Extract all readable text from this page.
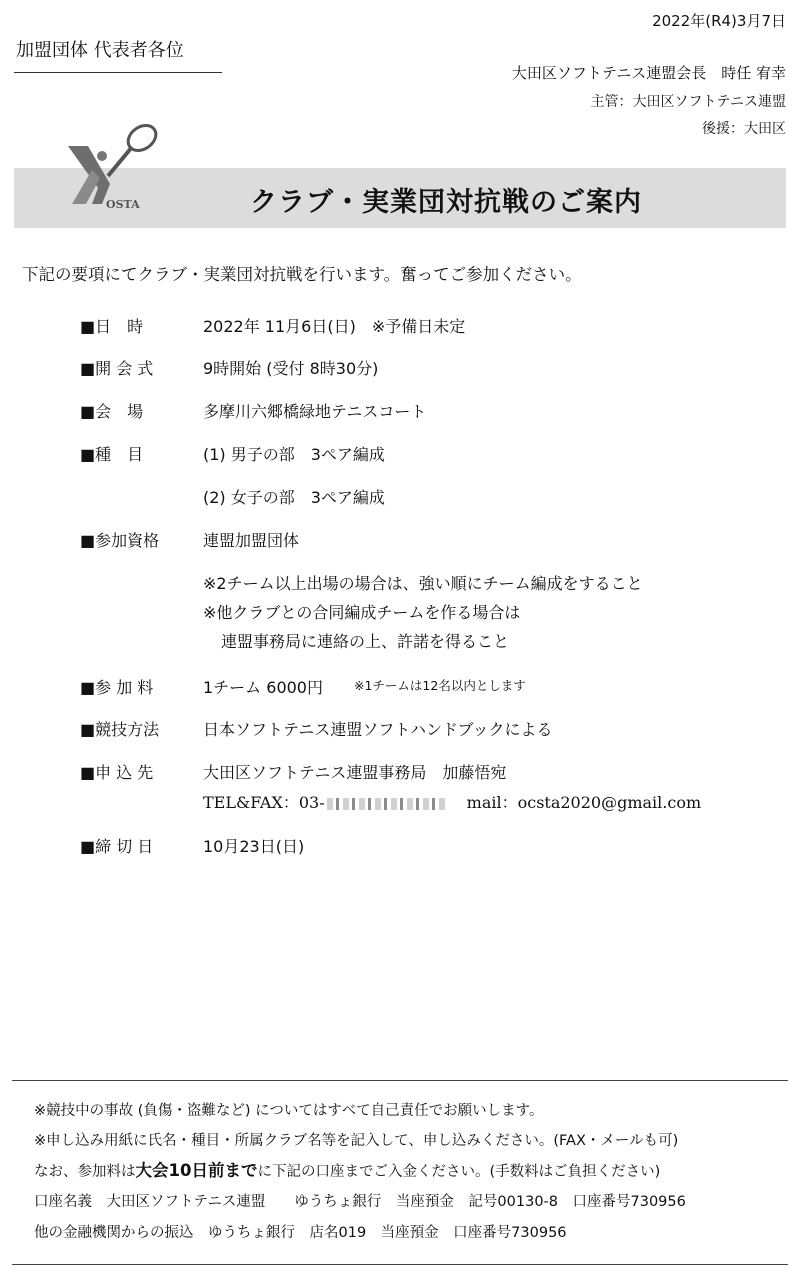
2022年(R4)3月7日
加盟団体 代表者各位
大田区ソフトテニス連盟会長　時任 宥幸
主管：大田区ソフトテニス連盟
後援：大田区
OSTA	クラブ・実業団対抗戦のご案内
下記の要項にてクラブ・実業団対抗戦を行います。奮ってご参加ください。
■日　時	2022年 11月6日(日)　※予備日未定
■開 会 式	9時開始 (受付 8時30分)
■会　場	多摩川六郷橋緑地テニスコート
■種　目	(1) 男子の部　3ペア編成
(2) 女子の部　3ペア編成
■参加資格	連盟加盟団体
※2チーム以上出場の場合は、強い順にチーム編成をすること
※他クラブとの合同編成チームを作る場合は
連盟事務局に連絡の上、許諾を得ること
■参 加 料	1チーム 6000円 ※1チームは12名以内とします
■競技方法	日本ソフトテニス連盟ソフトハンドブックによる
■申 込 先	大田区ソフトテニス連盟事務局　加藤悟宛
TEL&FAX：03-	mail：ocsta2020@gmail.com
■締 切 日	10月23日(日)
※競技中の事故 (負傷・盗難など) についてはすべて自己責任でお願いします。
※申し込み用紙に氏名・種目・所属クラブ名等を記入して、申し込みください。(FAX・メールも可)
なお、参加料は大会10日前までに下記の口座までご入金ください。(手数料はご負担ください)
口座名義　大田区ソフトテニス連盟　　ゆうちょ銀行　当座預金　記号00130-8　口座番号730956
他の金融機関からの振込　ゆうちょ銀行　店名019　当座預金　口座番号730956
